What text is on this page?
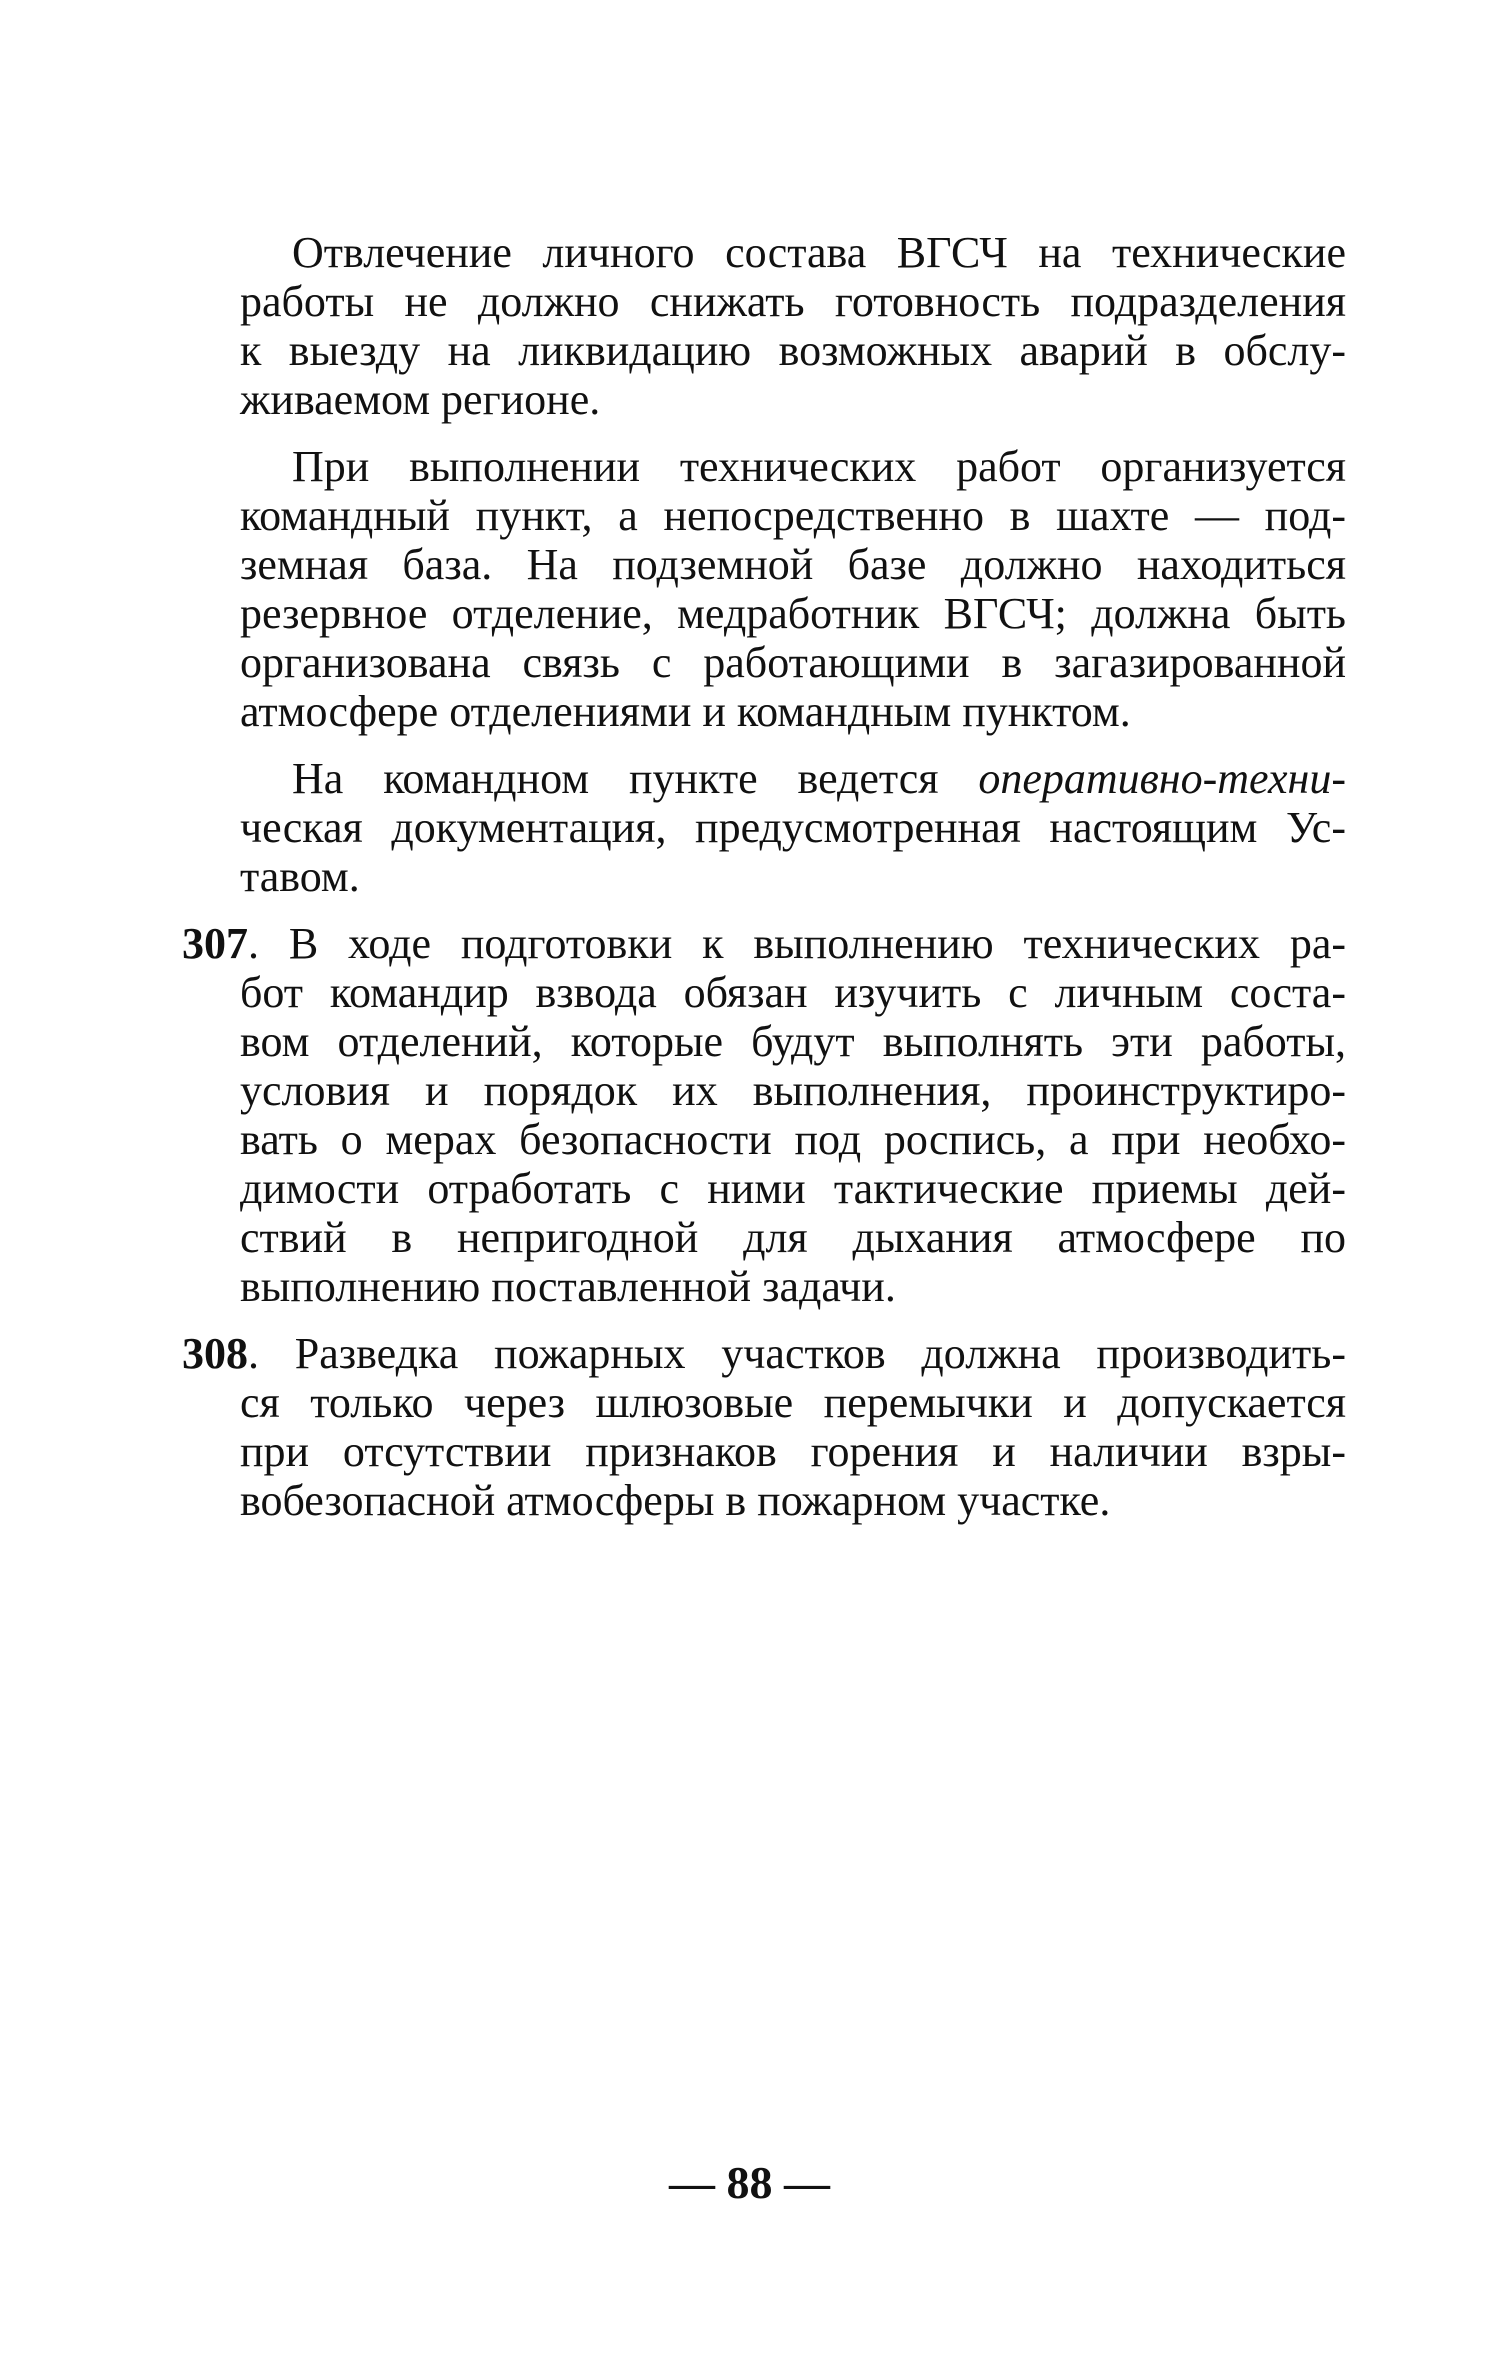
Отвлечение личного состава ВГСЧ на технические
работы не должно снижать готовность подразделения
к выезду на ликвидацию возможных аварий в обслу-
живаемом регионе.
При выполнении технических работ организуется
командный пункт, а непосредственно в шахте — под-
земная база. На подземной базе должно находиться
резервное отделение, медработник ВГСЧ; должна быть
организована связь с работающими в загазированной
атмосфере отделениями и командным пунктом.
На командном пункте ведется оперативно-техни-
ческая документация, предусмотренная настоящим Ус-
тавом.
307. В ходе подготовки к выполнению технических ра-
бот командир взвода обязан изучить с личным соста-
вом отделений, которые будут выполнять эти работы,
условия и порядок их выполнения, проинструктиро-
вать о мерах безопасности под роспись, а при необхо-
димости отработать с ними тактические приемы дей-
ствий в непригодной для дыхания атмосфере по
выполнению поставленной задачи.
308. Разведка пожарных участков должна производить-
ся только через шлюзовые перемычки и допускается
при отсутствии признаков горения и наличии взры-
вобезопасной атмосферы в пожарном участке.
— 88 —
